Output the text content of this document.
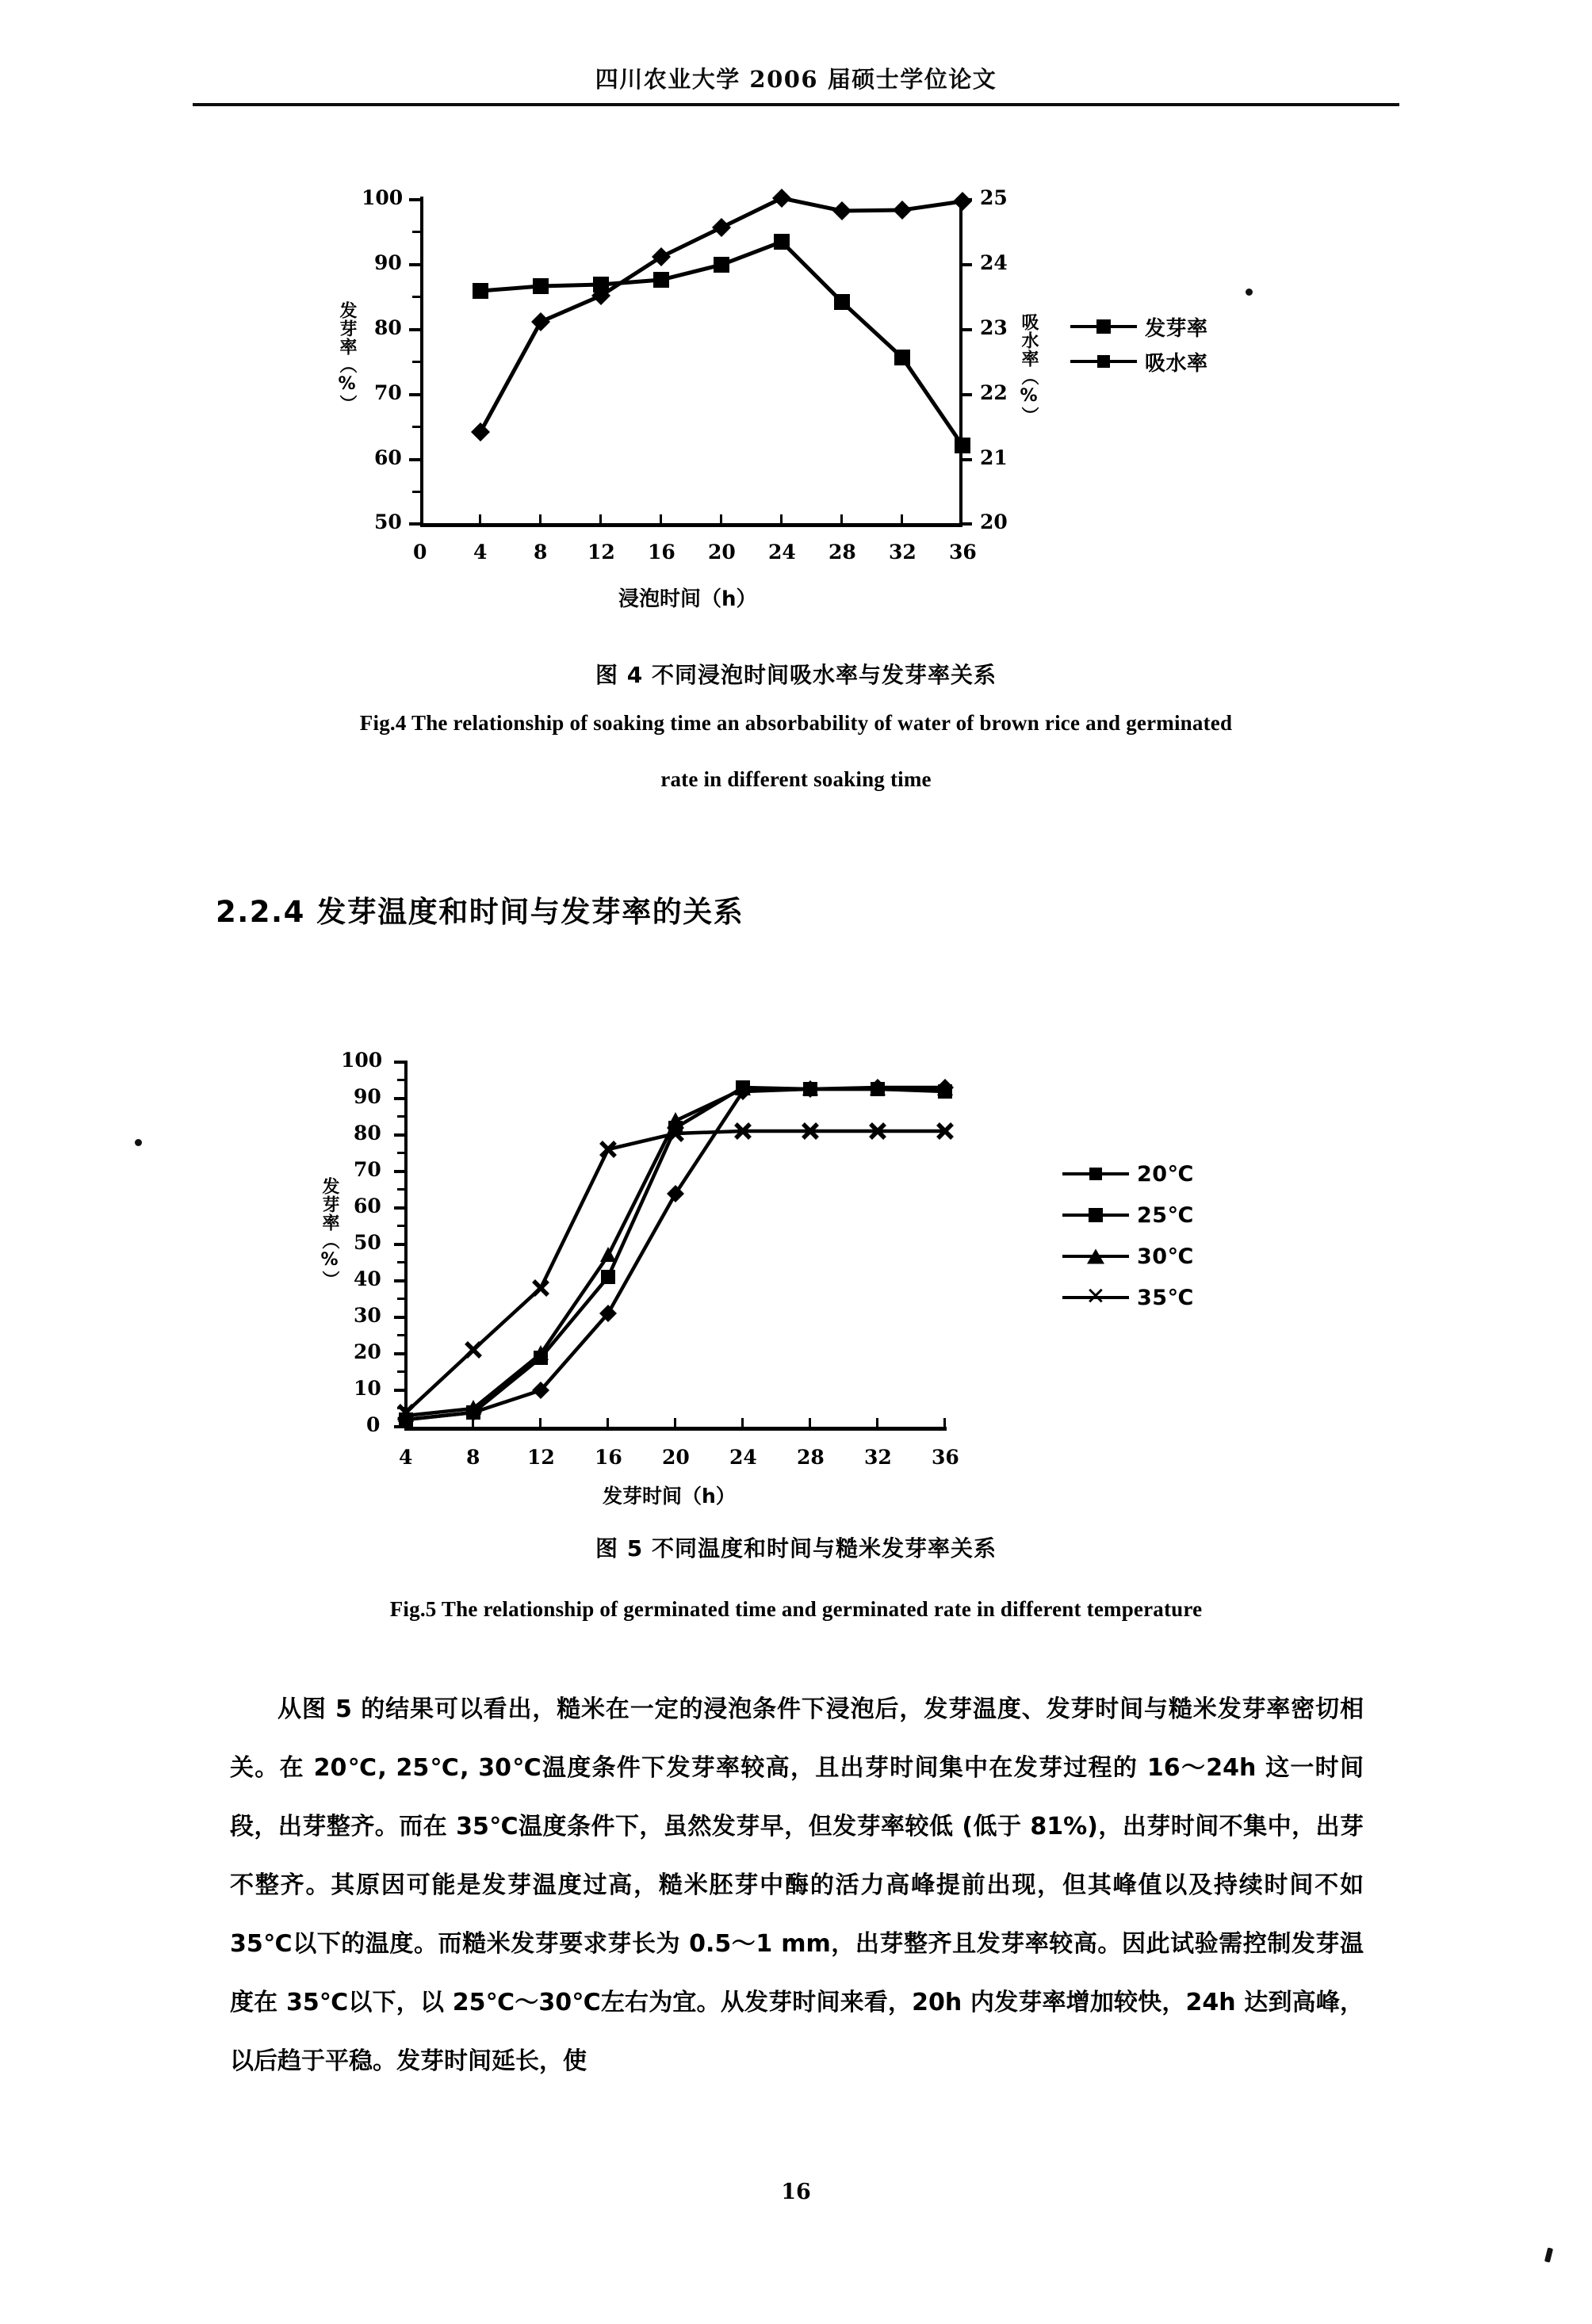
四川农业大学 2006 届硕士学位论文
100
90
80
70
60
50
25
24
23
22
21
20
0 4 8 12 16 20 24 28 32 36
发芽率（%）	吸水率（%）
浸泡时间（h）
发芽率
吸水率
图 4 不同浸泡时间吸水率与发芽率关系
Fig.4 The relationship of soaking time an absorbability of water of brown rice and germinated
rate in different soaking time
2.2.4 发芽温度和时间与发芽率的关系
100
90
80
70
60
50
40
30
20
10
0
4	8 12 16 20 24 28 32 36
发芽率（%）
发芽时间（h）
20℃
25℃
30℃
✕ 35℃
图 5 不同温度和时间与糙米发芽率关系
Fig.5 The relationship of germinated time and germinated rate in different temperature

从图 5 的结果可以看出，糙米在一定的浸泡条件下浸泡后，发芽温度、发芽时间与糙米发芽率密切相关。在 20℃, 25℃, 30℃温度条件下发芽率较高，且出芽时间集中在发芽过程的 16～24h 这一时间段，出芽整齐。而在 35℃温度条件下，虽然发芽早，但发芽率较低 (低于 81%)，出芽时间不集中，出芽不整齐。其原因可能是发芽温度过高，糙米胚芽中酶的活力高峰提前出现，但其峰值以及持续时间不如 35℃以下的温度。而糙米发芽要求芽长为 0.5～1 mm，出芽整齐且发芽率较高。因此试验需控制发芽温度在 35℃以下，以 25℃～30℃左右为宜。从发芽时间来看，20h 内发芽率增加较快，24h 达到高峰，以后趋于平稳。发芽时间延长，使

16
